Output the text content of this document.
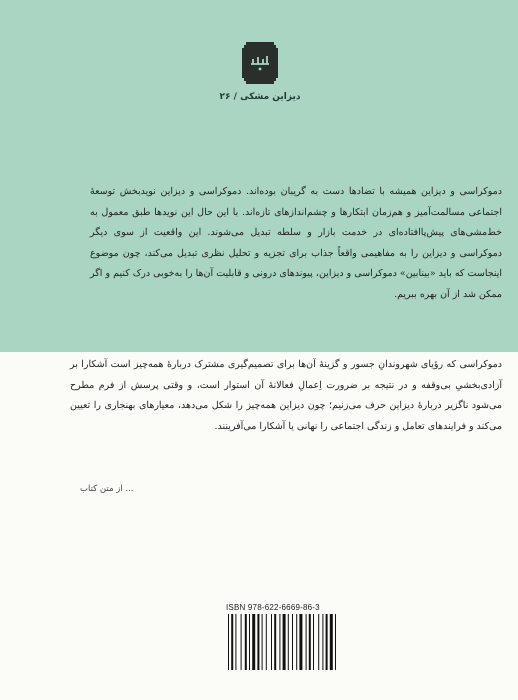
دیزاین مشکی / ۲۶
دموکراسی و دیزاین همیشه با تضادها دست به گریبان بوده‌اند. دموکراسی و دیزاین نویدبخش توسعهٔ اجتماعی مسالمت‌آمیز و هم‌زمان ابتکارها و چشم‌اندازهای تازه‌اند. با این حال این نویدها طبق معمول به خط‌مشی‌های پیش‌پاافتاده‌ای در خدمت بازار و سلطه تبدیل می‌شوند. این واقعیت از سوی دیگر دموکراسی و دیزاین را به مفاهیمی واقعاً جذاب برای تجزیه و تحلیل نظری تبدیل می‌کند، چون موضوع اینجاست که باید «بینابین» دموکراسی و دیزاین، پیوندهای درونی و قابلیت آن‌ها را به‌خوبی درک کنیم و اگر ممکن شد از آن بهره ببریم.
دموکراسی که رؤیای شهروندانِ جسور و گزینهٔ آن‌ها برای تصمیم‌گیری مشترک دربارهٔ همه‌چیز است آشکارا بر آزادی‌بخشیِ بی‌وقفه و در نتیجه بر ضرورت اِعمالِ فعالانهٔ آن استوار است، و وقتی پرسش از فرم مطرح می‌شود ناگزیر دربارهٔ دیزاین حرف می‌زنیم؛ چون دیزاین همه‌چیز را شکل می‌دهد، معیارهای بهنجاری را تعیین می‌کند و فرایندهای تعامل و زندگی اجتماعی را نهانی یا آشکارا می‌آفرینند.
... از متن کتاب
ISBN 978-622-6669-86-3
